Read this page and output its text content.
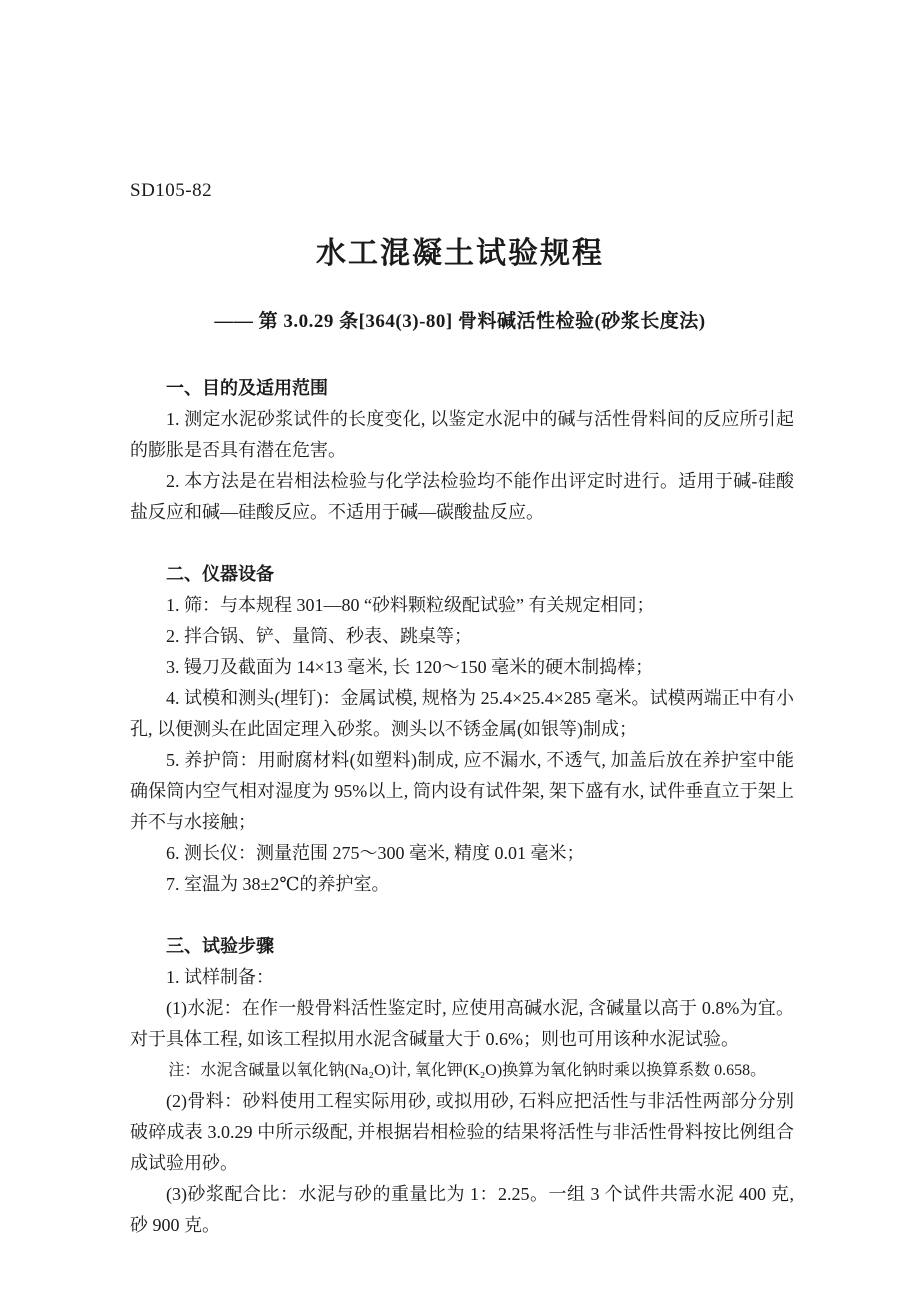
SD105-82
水工混凝土试验规程
—— 第 3.0.29 条[364(3)-80] 骨料碱活性检验(砂浆长度法)
一、目的及适用范围

1. 测定水泥砂浆试件的长度变化, 以鉴定水泥中的碱与活性骨料间的反应所引起的膨胀是否具有潜在危害。

2. 本方法是在岩相法检验与化学法检验均不能作出评定时进行。适用于碱-硅酸盐反应和碱—硅酸反应。不适用于碱—碳酸盐反应。

二、仪器设备

1. 筛：与本规程 301—80 “砂料颗粒级配试验” 有关规定相同；

2. 拌合锅、铲、量筒、秒表、跳桌等；

3. 镘刀及截面为 14×13 毫米, 长 120～150 毫米的硬木制捣棒；

4. 试模和测头(埋钉)：金属试模, 规格为 25.4×25.4×285 毫米。试模两端正中有小孔, 以便测头在此固定理入砂浆。测头以不锈金属(如银等)制成；

5. 养护筒：用耐腐材料(如塑料)制成, 应不漏水, 不透气, 加盖后放在养护室中能确保筒内空气相对湿度为 95%以上, 筒内设有试件架, 架下盛有水, 试件垂直立于架上并不与水接触；

6. 测长仪：测量范围 275～300 毫米, 精度 0.01 毫米；

7. 室温为 38±2℃的养护室。

三、试验步骤

1. 试样制备：

(1)水泥：在作一般骨料活性鉴定时, 应使用高碱水泥, 含碱量以高于 0.8%为宜。对于具体工程, 如该工程拟用水泥含碱量大于 0.6%；则也可用该种水泥试验。

注：水泥含碱量以氧化钠(Na₂O)计, 氧化钾(K₂O)换算为氧化钠时乘以换算系数 0.658。

(2)骨料：砂料使用工程实际用砂, 或拟用砂, 石料应把活性与非活性两部分分别破碎成表 3.0.29 中所示级配, 并根据岩相检验的结果将活性与非活性骨料按比例组合成试验用砂。

(3)砂浆配合比：水泥与砂的重量比为 1：2.25。一组 3 个试件共需水泥 400 克, 砂 900 克。
